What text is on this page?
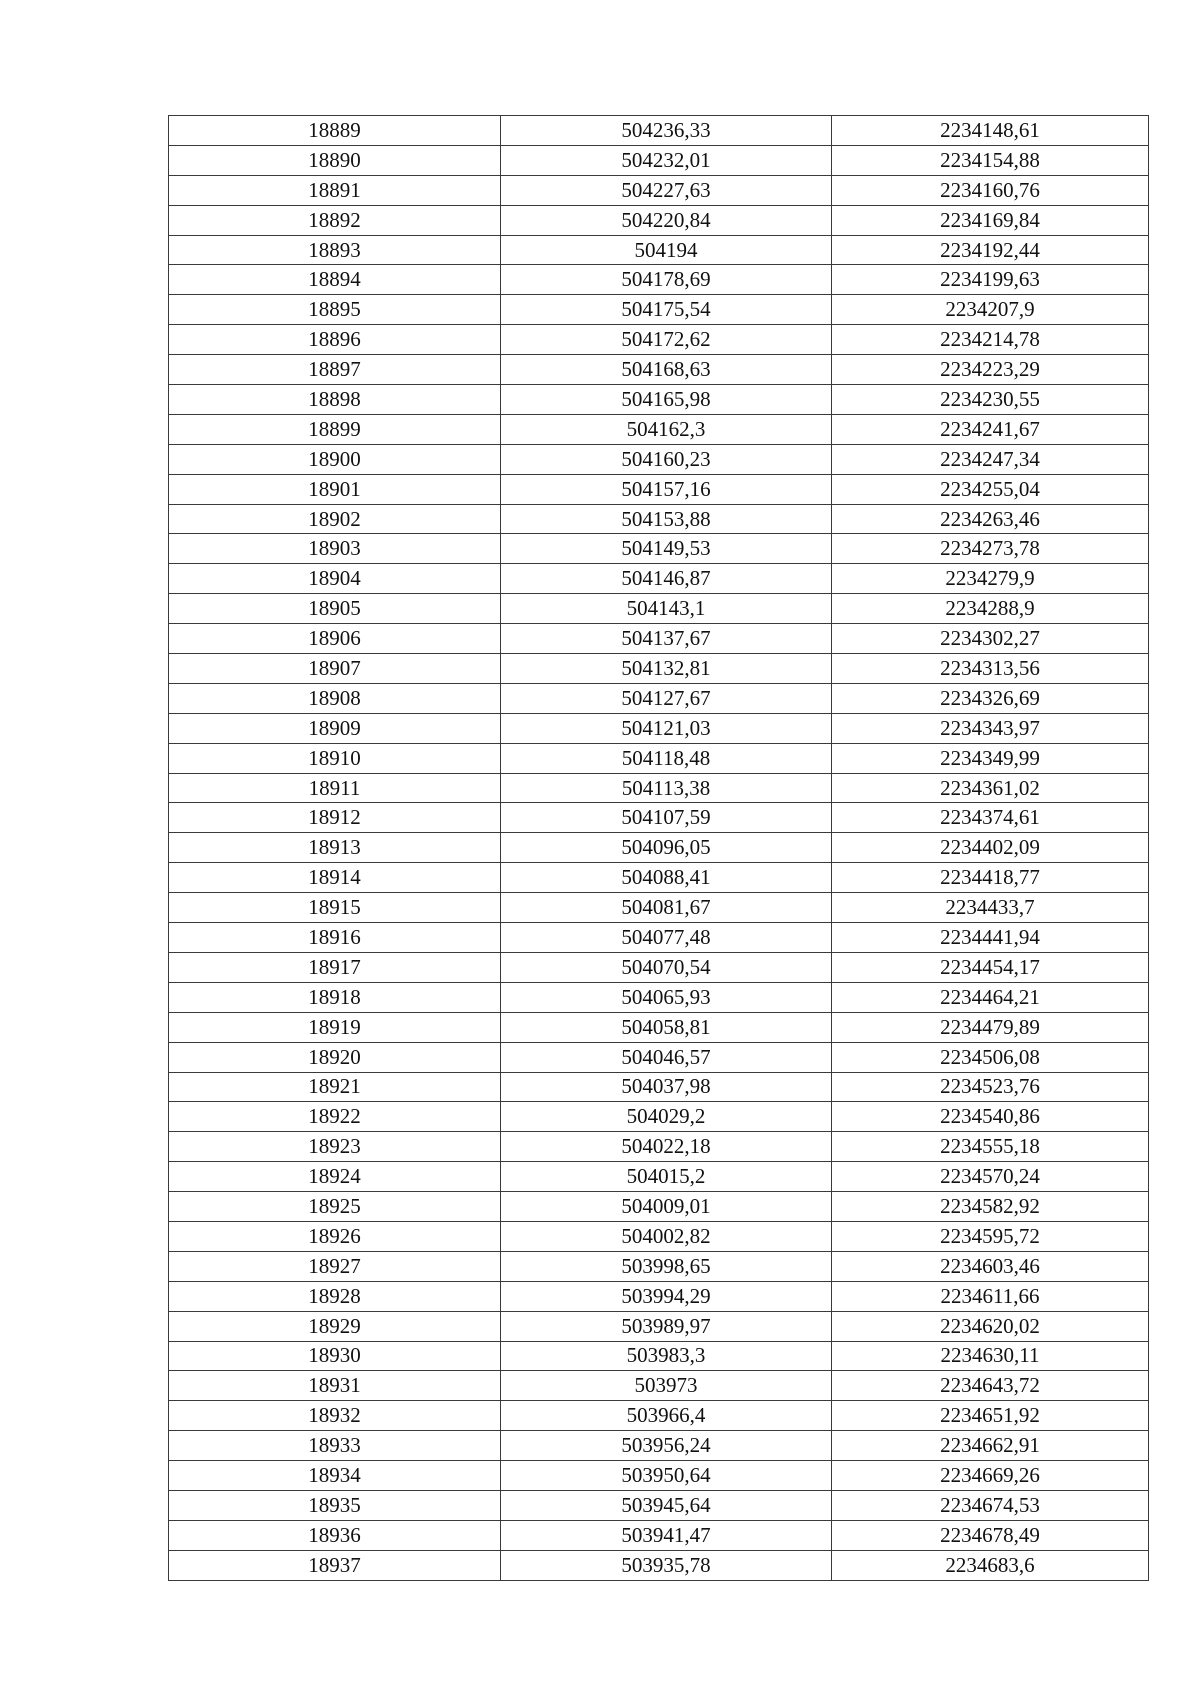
18889	504236,33	2234148,61
18890	504232,01	2234154,88
18891	504227,63	2234160,76
18892	504220,84	2234169,84
18893	504194	2234192,44
18894	504178,69	2234199,63
18895	504175,54	2234207,9
18896	504172,62	2234214,78
18897	504168,63	2234223,29
18898	504165,98	2234230,55
18899	504162,3	2234241,67
18900	504160,23	2234247,34
18901	504157,16	2234255,04
18902	504153,88	2234263,46
18903	504149,53	2234273,78
18904	504146,87	2234279,9
18905	504143,1	2234288,9
18906	504137,67	2234302,27
18907	504132,81	2234313,56
18908	504127,67	2234326,69
18909	504121,03	2234343,97
18910	504118,48	2234349,99
18911	504113,38	2234361,02
18912	504107,59	2234374,61
18913	504096,05	2234402,09
18914	504088,41	2234418,77
18915	504081,67	2234433,7
18916	504077,48	2234441,94
18917	504070,54	2234454,17
18918	504065,93	2234464,21
18919	504058,81	2234479,89
18920	504046,57	2234506,08
18921	504037,98	2234523,76
18922	504029,2	2234540,86
18923	504022,18	2234555,18
18924	504015,2	2234570,24
18925	504009,01	2234582,92
18926	504002,82	2234595,72
18927	503998,65	2234603,46
18928	503994,29	2234611,66
18929	503989,97	2234620,02
18930	503983,3	2234630,11
18931	503973	2234643,72
18932	503966,4	2234651,92
18933	503956,24	2234662,91
18934	503950,64	2234669,26
18935	503945,64	2234674,53
18936	503941,47	2234678,49
18937	503935,78	2234683,6
